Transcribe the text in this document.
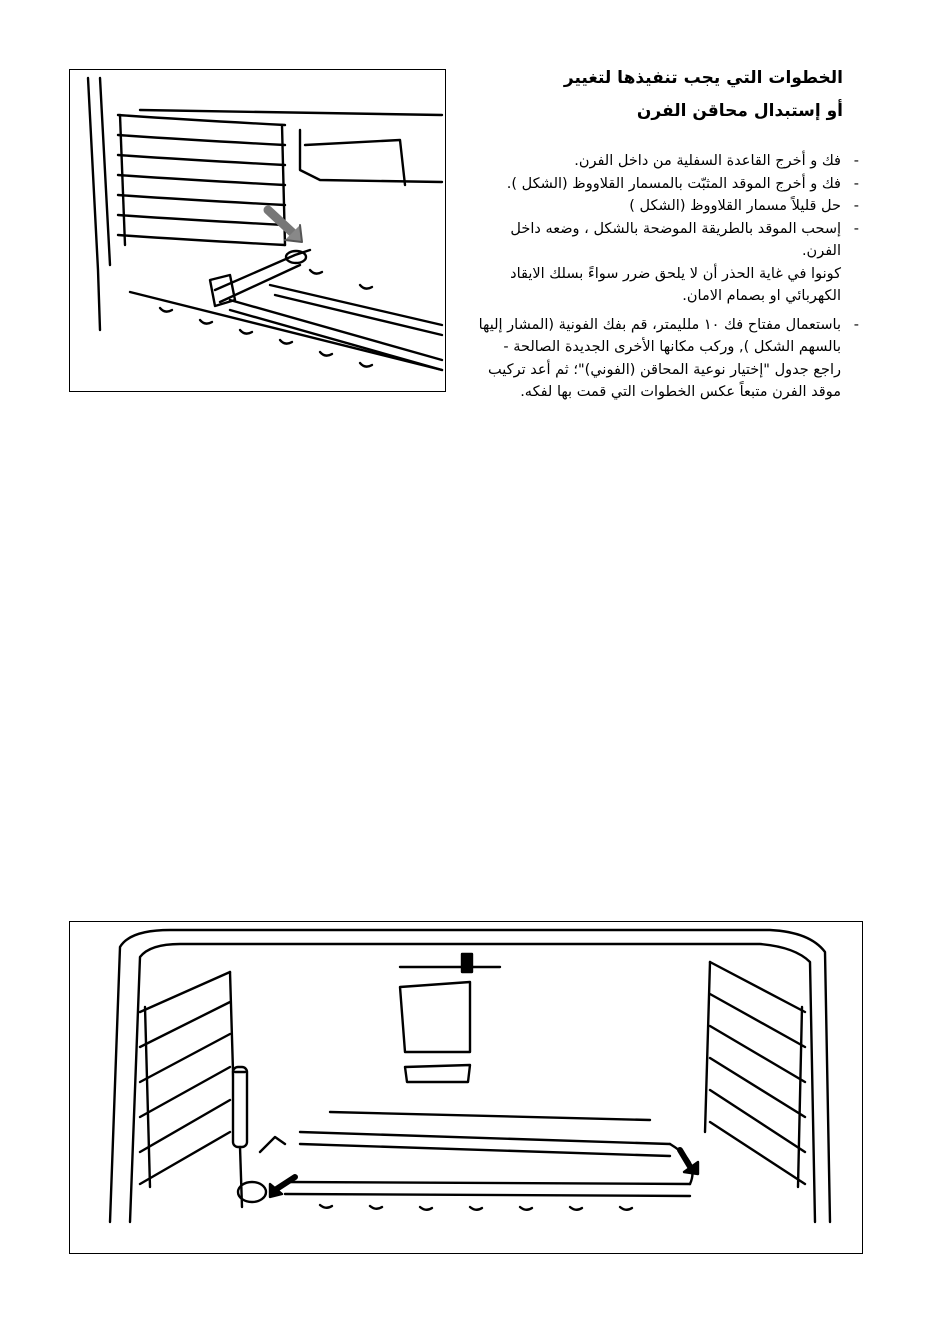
الخطوات التي يجب تنفيذها لتغيير
أو إستبدال محاقن الفرن
-
فك و أخرج القاعدة السفلية من داخل الفرن.
-
فك و أخرج الموقد المثبّت بالمسمار القلاووظ (الشكل ).
-
حل قليلاً مسمار القلاووظ (الشكل )
-
إسحب الموقد بالطريقة الموضحة بالشكل ، وضعه داخل الفرن.
كونوا في غاية الحذر أن لا يلحق ضرر سواءً بسلك الايقاد الكهربائي او بصمام الامان.
-
باستعمال مفتاح فك ١٠ ملليمتر، قم بفك الفونية (المشار إليها بالسهم الشكل ), وركب مكانها الأخرى الجديدة الصالحة - راجع جدول "إختيار نوعية المحاقن (الفوني)"؛ ثم أعد تركيب موقد الفرن متبعاً عكس الخطوات التي قمت بها لفكه.
